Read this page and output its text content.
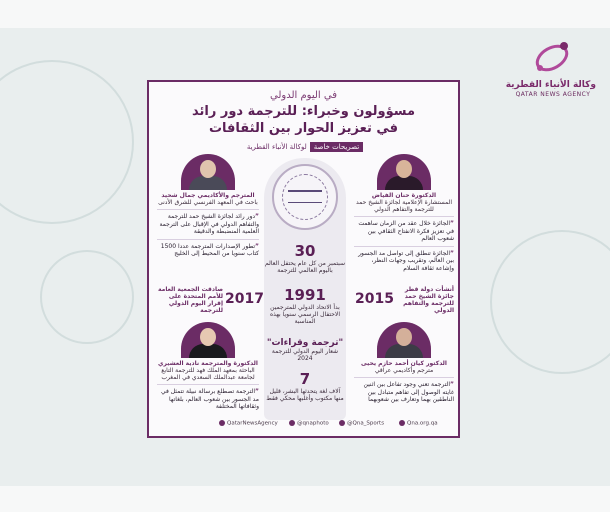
وكالة الأنباء القطرية
QATAR NEWS AGENCY
في اليوم الدولي
مسؤولون وخبراء: للترجمة دور رائد
في تعزيز الحوار بين الثقافات
تصريحات خاصةلوكالة الأنباء القطرية
30
سبتمبر من كل عام يحتفل العالم باليوم العالمي للترجمة
1991
بدأ الاتحاد الدولي للمترجمين الاحتفال الرسمي سنويا بهذه المناسبة
"ترجمة وقراءات"
شعار اليوم الدولي للترجمة 2024
7
آلاف لغة يتحدثها البشر، قليل منها مكتوب وأغلبها محكي فقط
الدكتورة حنان الفياض
المستشارة الإعلامية لجائزة الشيخ حمد للترجمة والتفاهم الدولي
” الجائزة خلال عقد من الزمان ساهمت في تعزيز فكرة الانفتاح الثقافي بين شعوب العالم
” الجائزة تنطلق إلى تواصل مد الجسور بين العالم، وتقريب وجهات النظر، وإشاعة ثقافة السلام
المترجم والأكاديمي جمال شحيد
باحث في المعهد الفرنسي للشرق الأدنى
” دور رائد لجائزة الشيخ حمد للترجمة والتفاهم الدولي في الإقبال على الترجمة العلمية المنضبطة والدقيقة
” تطور الإصدارات المترجمة عددا 1500 كتاب سنويا من المحيط إلى الخليج
2017
صادقت الجمعية العامة للأمم المتحدة على إقرار اليوم الدولي للترجمة
2015
أنشأت دولة قطر جائزة الشيخ حمد للترجمة والتفاهم الدولي
الدكتورة والمترجمة نادية العشيري
الباحثة بمعهد الملك فهد للترجمة التابع لجامعة عبدالملك السعدي في المغرب
” الترجمة تصطلع برسالة نبيلة تتمثل في مد الجسور بين شعوب العالم، بلغاتها وثقافاتها المختلفة
الدكتور كيان أحمد حازم يحيى
مترجم وأكاديمي عراقي
” الترجمة تعني وجود تفاعل بين اثنين غايته الوصول إلى تفاهم متبادل بين الناطقين بهما وتعارف بين شعوبهما
QatarNewsAgency	@qnaphoto	@Qna_Sports	Qna.org.qa
